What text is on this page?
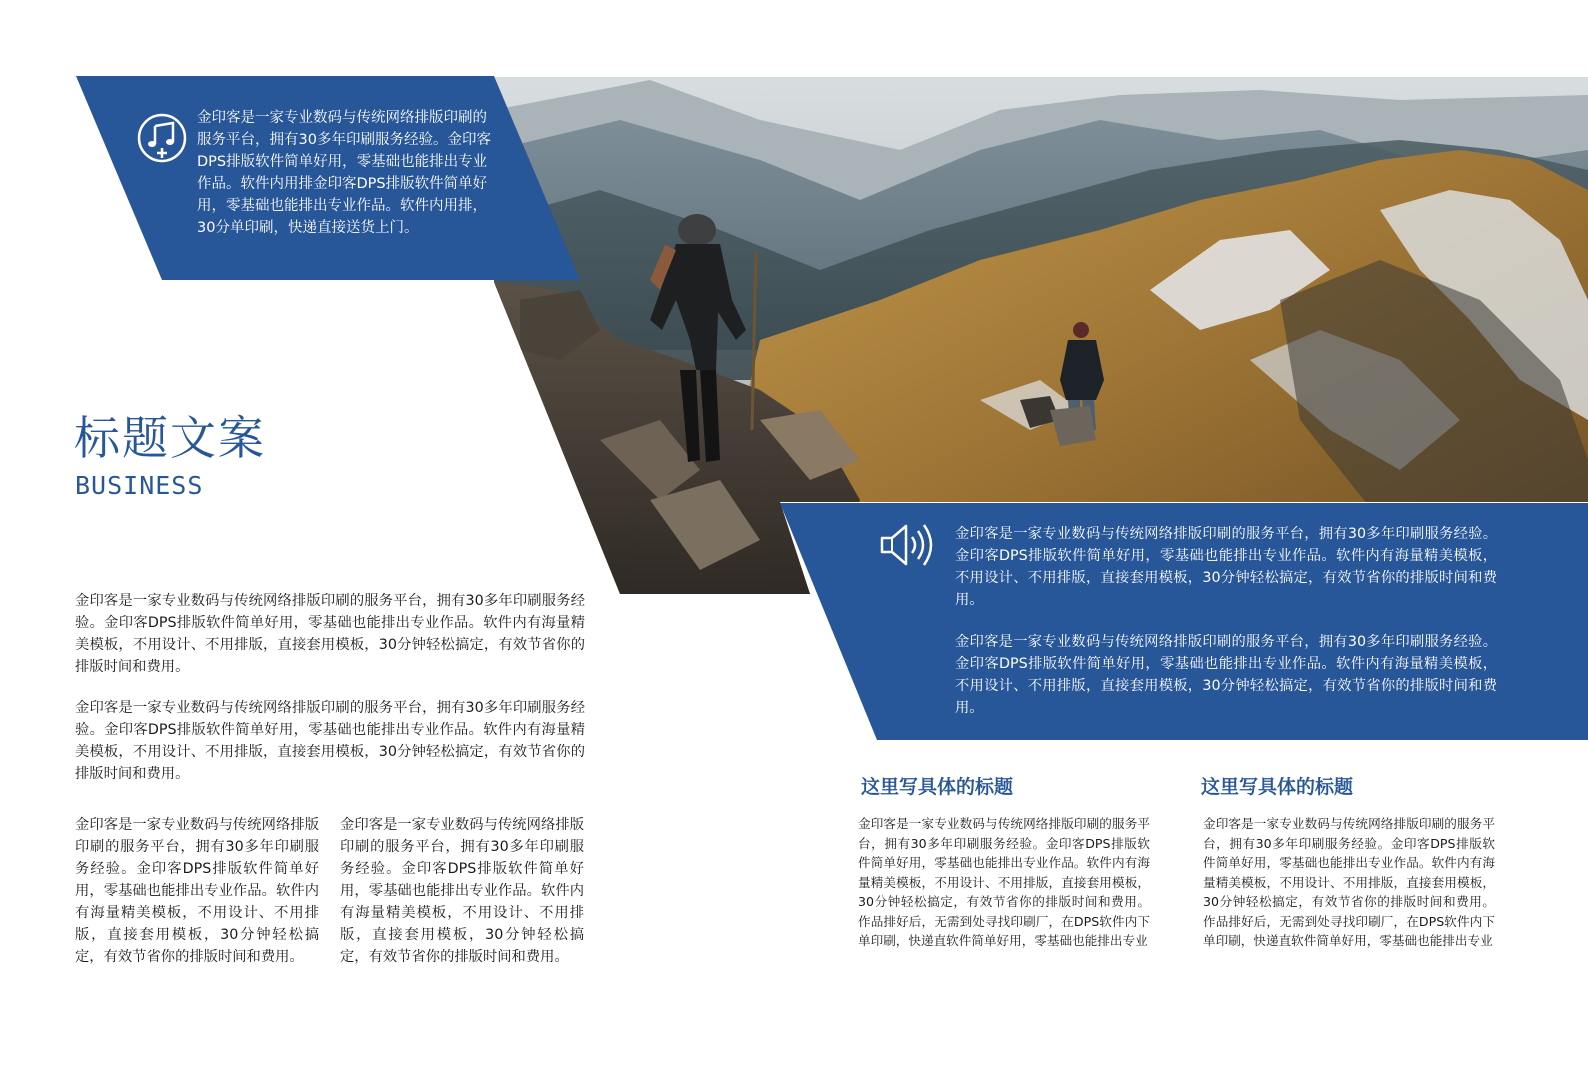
金印客是一家专业数码与传统网络排版印刷的服务平台，拥有30多年印刷服务经验。金印客DPS排版软件简单好用，零基础也能排出专业作品。软件内用排金印客DPS排版软件简单好用，零基础也能排出专业作品。软件内用排，30分单印刷，快递直接送货上门。

标题文案
BUSINESS

金印客是一家专业数码与传统网络排版印刷的服务平台，拥有30多年印刷服务经验。金印客DPS排版软件简单好用，零基础也能排出专业作品。软件内有海量精美模板，不用设计、不用排版，直接套用模板，30分钟轻松搞定，有效节省你的排版时间和费用。

金印客是一家专业数码与传统网络排版印刷的服务平台，拥有30多年印刷服务经验。金印客DPS排版软件简单好用，零基础也能排出专业作品。软件内有海量精美模板，不用设计、不用排版，直接套用模板，30分钟轻松搞定，有效节省你的排版时间和费用。

金印客是一家专业数码与传统网络排版印刷的服务平台，拥有30多年印刷服务经验。金印客DPS排版软件简单好用，零基础也能排出专业作品。软件内有海量精美模板，不用设计、不用排版，直接套用模板，30分钟轻松搞定，有效节省你的排版时间和费用。

金印客是一家专业数码与传统网络排版印刷的服务平台，拥有30多年印刷服务经验。金印客DPS排版软件简单好用，零基础也能排出专业作品。软件内有海量精美模板，不用设计、不用排版，直接套用模板，30分钟轻松搞定，有效节省你的排版时间和费用。

金印客是一家专业数码与传统网络排版印刷的服务平台，拥有30多年印刷服务经验。金印客DPS排版软件简单好用，零基础也能排出专业作品。软件内有海量精美模板，不用设计、不用排版，直接套用模板，30分钟轻松搞定，有效节省你的排版时间和费用。

金印客是一家专业数码与传统网络排版印刷的服务平台，拥有30多年印刷服务经验。金印客DPS排版软件简单好用，零基础也能排出专业作品。软件内有海量精美模板，不用设计、不用排版，直接套用模板，30分钟轻松搞定，有效节省你的排版时间和费用。

这里写具体的标题

金印客是一家专业数码与传统网络排版印刷的服务平台，拥有30多年印刷服务经验。金印客DPS排版软件简单好用，零基础也能排出专业作品。软件内有海量精美模板，不用设计、不用排版，直接套用模板，30分钟轻松搞定，有效节省你的排版时间和费用。作品排好后，无需到处寻找印刷厂，在DPS软件内下单印刷，快递直软件简单好用，零基础也能排出专业

这里写具体的标题

金印客是一家专业数码与传统网络排版印刷的服务平台，拥有30多年印刷服务经验。金印客DPS排版软件简单好用，零基础也能排出专业作品。软件内有海量精美模板，不用设计、不用排版，直接套用模板，30分钟轻松搞定，有效节省你的排版时间和费用。作品排好后，无需到处寻找印刷厂，在DPS软件内下单印刷，快递直软件简单好用，零基础也能排出专业
